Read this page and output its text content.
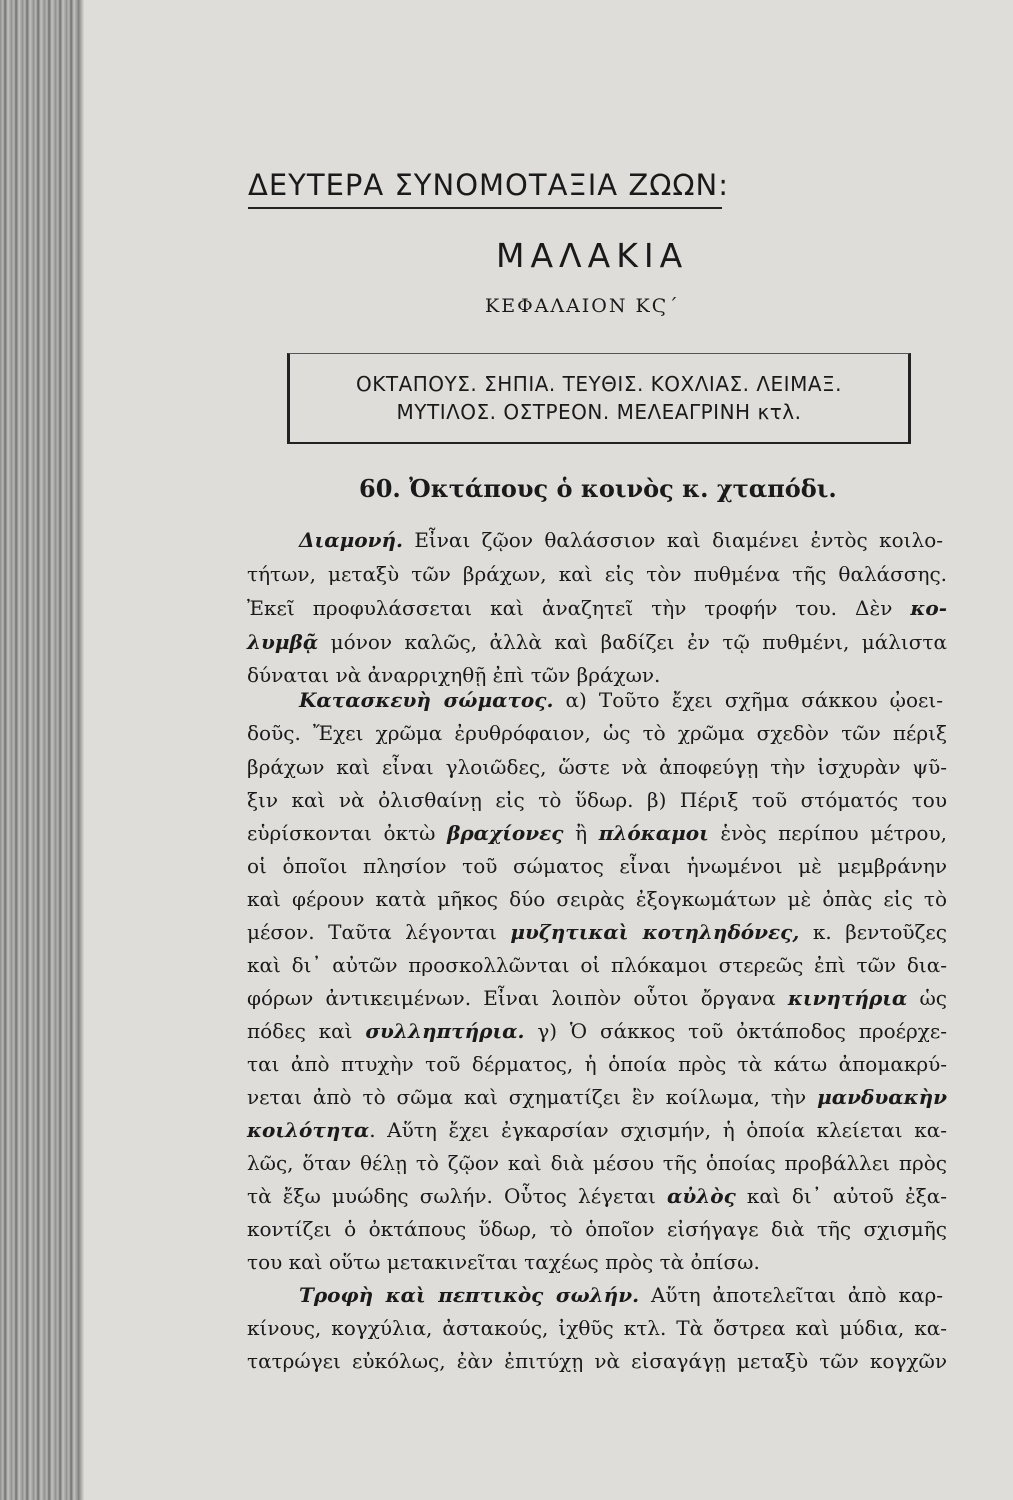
ΔΕΥΤΕΡΑ ΣΥΝΟΜΟΤΑΞΙΑ ΖΩΩΝ:
ΜΑΛΑΚΙΑ
ΚΕΦΑΛΑΙΟΝ ΚϚ΄
ΟΚΤΑΠΟΥΣ. ΣΗΠΙΑ. ΤΕΥΘΙΣ. ΚΟΧΛΙΑΣ. ΛΕΙΜΑΞ.
ΜΥΤΙΛΟΣ. ΟΣΤΡΕΟΝ. ΜΕΛΕΑΓΡΙΝΗ κτλ.
60. Ὀκτάπους ὁ κοινὸς κ. χταπόδι.
Διαμονή. Εἶναι ζῷον θαλάσσιον καὶ διαμένει ἐντὸς κοιλο-
τήτων, μεταξὺ τῶν βράχων, καὶ εἰς τὸν πυθμένα τῆς θαλάσσης.
Ἐκεῖ προφυλάσσεται καὶ ἀναζητεῖ τὴν τροφήν του. Δὲν κο-
λυμβᾷ μόνον καλῶς, ἀλλὰ καὶ βαδίζει ἐν τῷ πυθμένι, μάλιστα
δύναται νὰ ἀναρριχηθῇ ἐπὶ τῶν βράχων.
Κατασκευὴ σώματος. α) Τοῦτο ἔχει σχῆμα σάκκου ᾠοει-
δοῦς. Ἔχει χρῶμα ἐρυθρόφαιον, ὡς τὸ χρῶμα σχεδὸν τῶν πέριξ
βράχων καὶ εἶναι γλοιῶδες, ὥστε νὰ ἀποφεύγῃ τὴν ἰσχυρὰν ψῦ-
ξιν καὶ νὰ ὀλισθαίνῃ εἰς τὸ ὕδωρ. β) Πέριξ τοῦ στόματός του
εὑρίσκονται ὀκτὼ βραχίονες ἢ πλόκαμοι ἑνὸς περίπου μέτρου,
οἱ ὁποῖοι πλησίον τοῦ σώματος εἶναι ἡνωμένοι μὲ μεμβράνην
καὶ φέρουν κατὰ μῆκος δύο σειρὰς ἐξογκωμάτων μὲ ὀπὰς εἰς τὸ
μέσον. Ταῦτα λέγονται μυζητικαὶ κοτηληδόνες, κ. βεντοῦζες
καὶ δι᾿ αὐτῶν προσκολλῶνται οἱ πλόκαμοι στερεῶς ἐπὶ τῶν δια-
φόρων ἀντικειμένων. Εἶναι λοιπὸν οὗτοι ὄργανα κινητήρια ὡς
πόδες καὶ συλληπτήρια. γ) Ὁ σάκκος τοῦ ὀκτάποδος προέρχε-
ται ἀπὸ πτυχὴν τοῦ δέρματος, ἡ ὁποία πρὸς τὰ κάτω ἀπομακρύ-
νεται ἀπὸ τὸ σῶμα καὶ σχηματίζει ἓν κοίλωμα, τὴν μανδυακὴν
κοιλότητα. Αὕτη ἔχει ἐγκαρσίαν σχισμήν, ἡ ὁποία κλείεται κα-
λῶς, ὅταν θέλῃ τὸ ζῷον καὶ διὰ μέσου τῆς ὁποίας προβάλλει πρὸς
τὰ ἔξω μυώδης σωλήν. Οὗτος λέγεται αὐλὸς καὶ δι᾿ αὐτοῦ ἐξα-
κοντίζει ὁ ὀκτάπους ὕδωρ, τὸ ὁποῖον εἰσήγαγε διὰ τῆς σχισμῆς
του καὶ οὕτω μετακινεῖται ταχέως πρὸς τὰ ὀπίσω.
Τροφὴ καὶ πεπτικὸς σωλήν. Αὕτη ἀποτελεῖται ἀπὸ καρ-
κίνους, κογχύλια, ἀστακούς, ἰχθῦς κτλ. Τὰ ὄστρεα καὶ μύδια, κα-
τατρώγει εὐκόλως, ἐὰν ἐπιτύχῃ νὰ εἰσαγάγῃ μεταξὺ τῶν κογχῶν
